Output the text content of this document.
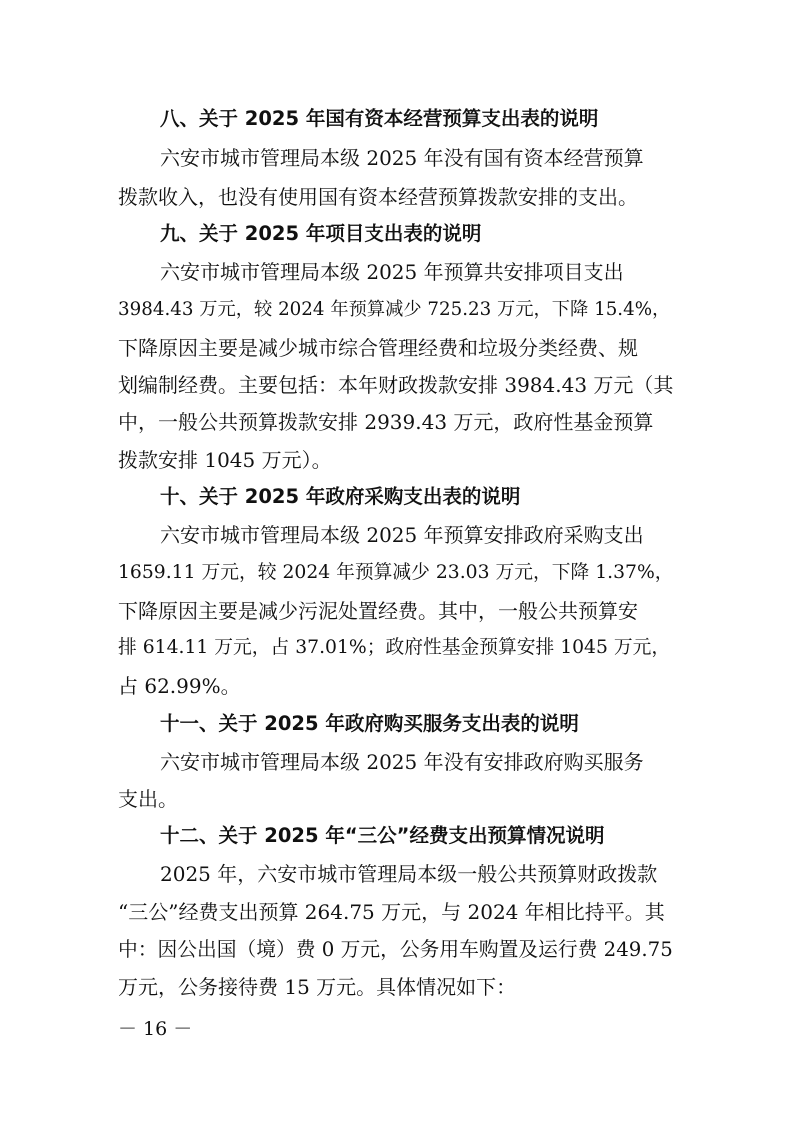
八、关于 2025 年国有资本经营预算支出表的说明
六安市城市管理局本级 2025 年没有国有资本经营预算
拨款收入，也没有使用国有资本经营预算拨款安排的支出。
九、关于 2025 年项目支出表的说明
六安市城市管理局本级 2025 年预算共安排项目支出
3984.43 万元，较 2024 年预算减少 725.23 万元，下降 15.4%，
下降原因主要是减少城市综合管理经费和垃圾分类经费、规
划编制经费。主要包括：本年财政拨款安排 3984.43 万元（其
中，一般公共预算拨款安排 2939.43 万元，政府性基金预算
拨款安排 1045 万元）。
十、关于 2025 年政府采购支出表的说明
六安市城市管理局本级 2025 年预算安排政府采购支出
1659.11 万元，较 2024 年预算减少 23.03 万元，下降 1.37%，
下降原因主要是减少污泥处置经费。其中，一般公共预算安
排 614.11 万元，占 37.01%；政府性基金预算安排 1045 万元，
占 62.99%。
十一、关于 2025 年政府购买服务支出表的说明
六安市城市管理局本级 2025 年没有安排政府购买服务
支出。
十二、关于 2025 年“三公”经费支出预算情况说明
2025 年，六安市城市管理局本级一般公共预算财政拨款
“三公”经费支出预算 264.75 万元，与 2024 年相比持平。其
中：因公出国（境）费 0 万元，公务用车购置及运行费 249.75
万元，公务接待费 15 万元。具体情况如下：
－ 16 －
